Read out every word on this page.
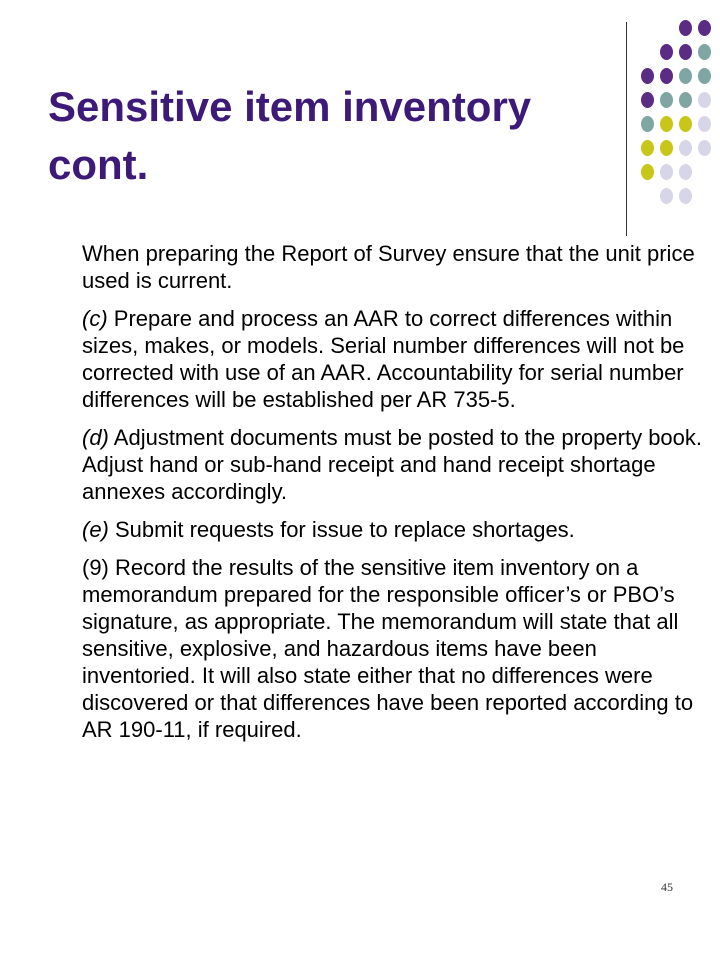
Sensitive item inventory cont.

When preparing the Report of Survey ensure that the unit price used is current.

(c) Prepare and process an AAR to correct differences within sizes, makes, or models. Serial number differences will not be corrected with use of an AAR. Accountability for serial number differences will be established per AR 735-5.

(d) Adjustment documents must be posted to the property book. Adjust hand or sub-hand receipt and hand receipt shortage annexes accordingly.

(e) Submit requests for issue to replace shortages.

(9) Record the results of the sensitive item inventory on a memorandum prepared for the responsible officer’s or PBO’s signature, as appropriate. The memorandum will state that all sensitive, explosive, and hazardous items have been inventoried. It will also state either that no differences were discovered or that differences have been reported according to AR 190-11, if required.

45
